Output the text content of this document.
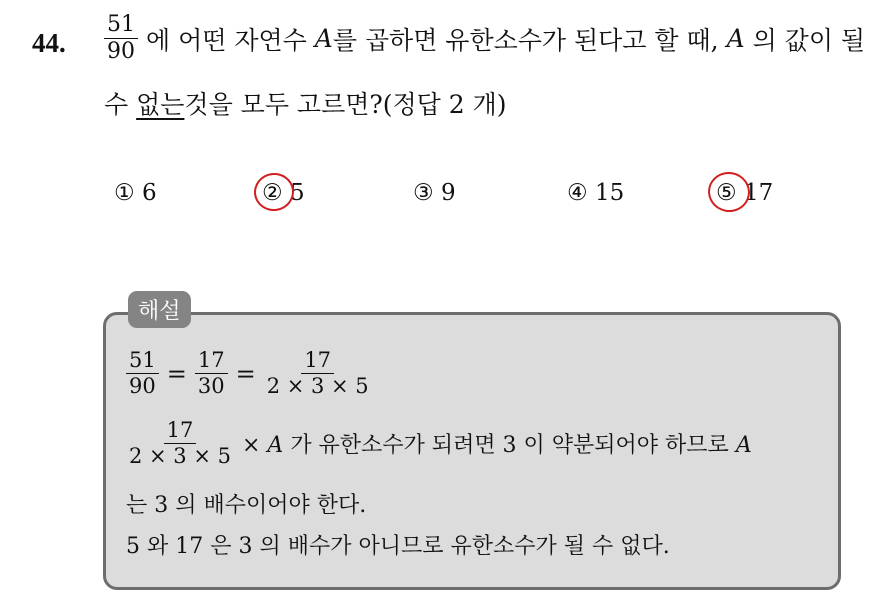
44. $\frac{51}{90}$ 에 어떤 자연수
A 를 곱하면 유한소수가 된다고 할 때,
A
의 값이 될
수 없는것을 모두 고르면?(정답 2 개)
① 6	② 5	③ 9	④ 15	⑤ 17
해설
$\frac{51}{90} = \frac{17}{30} = \frac{17}{2 \times 3 \times 5}$
$\frac{17}{2 \times 3 \times 5} \times A$ 가 유한소수가 되려면 3 이 약분되어야 하므로 A
는 3 의 배수이어야 한다.
5 와 17 은 3 의 배수가 아니므로 유한소수가 될 수 없다.
